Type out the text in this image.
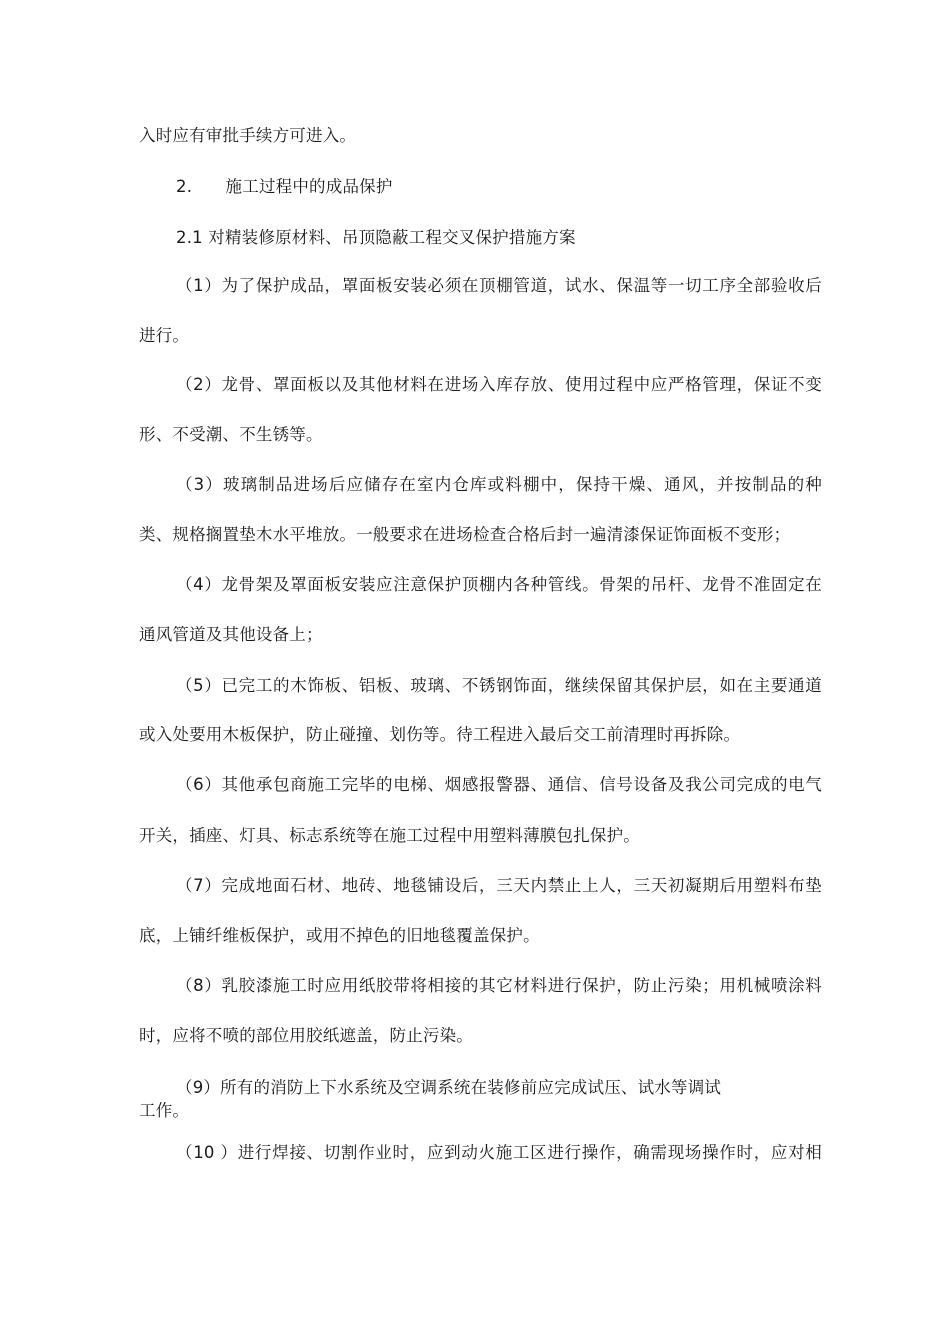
入时应有审批手续方可进入。
2.　　施工过程中的成品保护
2.1 对精装修原材料、吊顶隐蔽工程交叉保护措施方案
（1）为了保护成品，罩面板安装必须在顶棚管道，试水、保温等一切工序全部验收后
进行。
（2）龙骨、罩面板以及其他材料在进场入库存放、使用过程中应严格管理，保证不变
形、不受潮、不生锈等。
（3）玻璃制品进场后应储存在室内仓库或料棚中，保持干燥、通风，并按制品的种
类、规格搁置垫木水平堆放。一般要求在进场检查合格后封一遍清漆保证饰面板不变形；
（4）龙骨架及罩面板安装应注意保护顶棚内各种管线。骨架的吊杆、龙骨不准固定在
通风管道及其他设备上；
（5）已完工的木饰板、铝板、玻璃、不锈钢饰面，继续保留其保护层，如在主要通道
或入处要用木板保护，防止碰撞、划伤等。待工程进入最后交工前清理时再拆除。
（6）其他承包商施工完毕的电梯、烟感报警器、通信、信号设备及我公司完成的电气
开关，插座、灯具、标志系统等在施工过程中用塑料薄膜包扎保护。
（7）完成地面石材、地砖、地毯铺设后，三天内禁止上人，三天初凝期后用塑料布垫
底，上铺纤维板保护，或用不掉色的旧地毯覆盖保护。
（8）乳胶漆施工时应用纸胶带将相接的其它材料进行保护，防止污染；用机械喷涂料
时，应将不喷的部位用胶纸遮盖，防止污染。
（9）所有的消防上下水系统及空调系统在装修前应完成试压、试水等调试
工作。
（10 ）进行焊接、切割作业时，应到动火施工区进行操作，确需现场操作时，应对相
